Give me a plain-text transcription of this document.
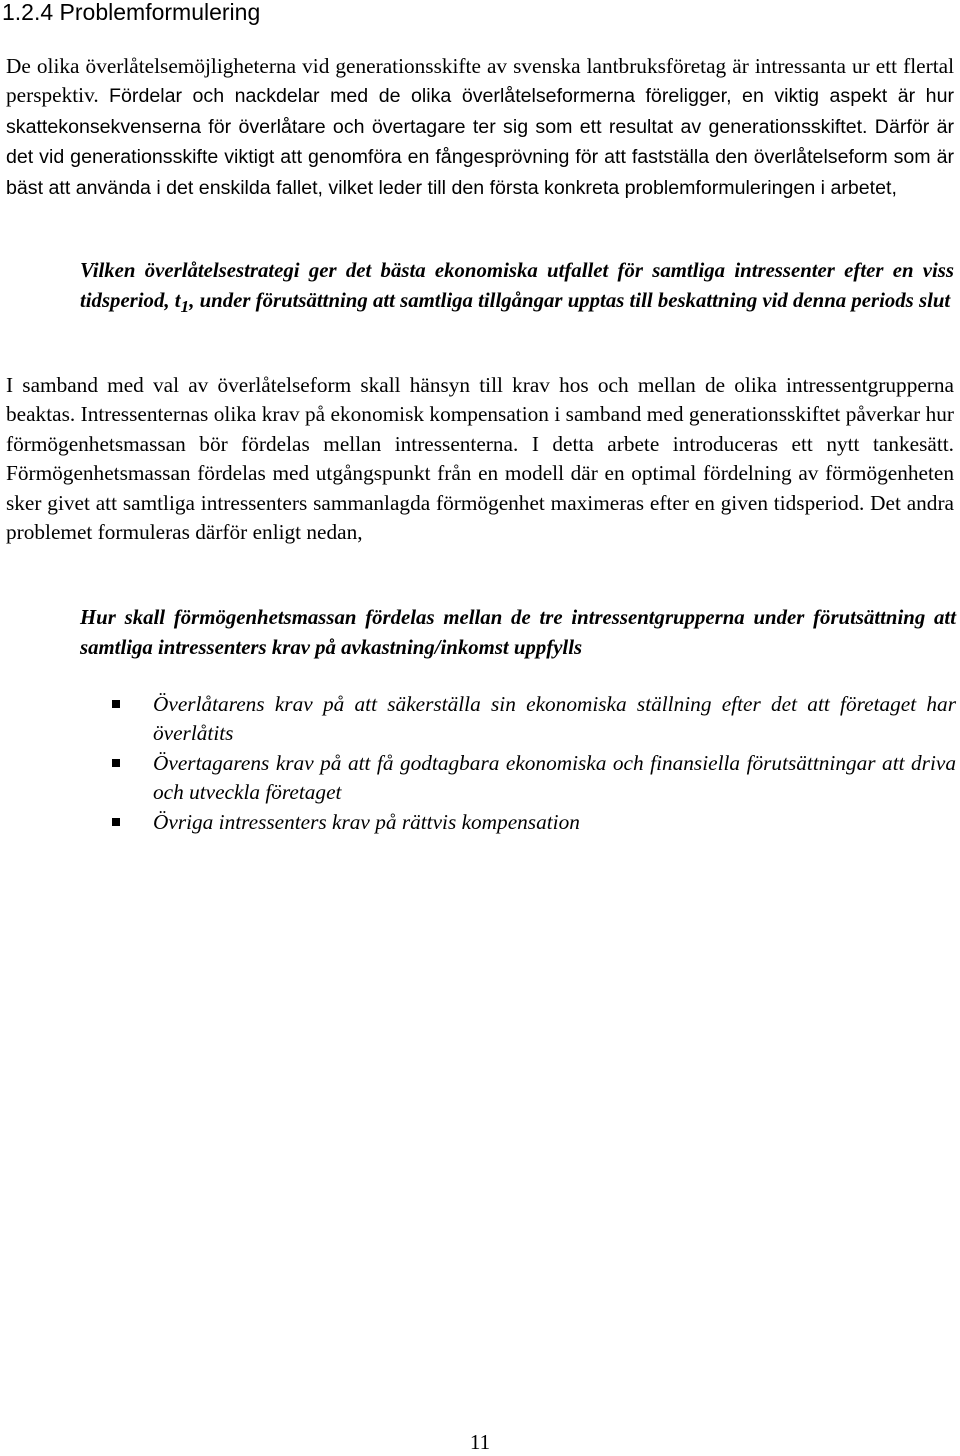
1.2.4 Problemformulering

De olika överlåtelsemöjligheterna vid generationsskifte av svenska lantbruksföretag är intressanta ur ett flertal perspektiv. Fördelar och nackdelar med de olika överlåtelseformerna föreligger, en viktig aspekt är hur skattekonsekvenserna för överlåtare och övertagare ter sig som ett resultat av generationsskiftet. Därför är det vid generationsskifte viktigt att genomföra en fångesprövning för att fastställa den överlåtelseform som är bäst att använda i det enskilda fallet, vilket leder till den första konkreta problemformuleringen i arbetet,

Vilken överlåtelsestrategi ger det bästa ekonomiska utfallet för samtliga intressenter efter en viss tidsperiod, $t_1$, under förutsättning att samtliga tillgångar upptas till beskattning vid denna periods slut

I samband med val av överlåtelseform skall hänsyn till krav hos och mellan de olika intressentgrupperna beaktas. Intressenternas olika krav på ekonomisk kompensation i samband med generationsskiftet påverkar hur förmögenhetsmassan bör fördelas mellan intressenterna. I detta arbete introduceras ett nytt tankesätt. Förmögenhetsmassan fördelas med utgångspunkt från en modell där en optimal fördelning av förmögenheten sker givet att samtliga intressenters sammanlagda förmögenhet maximeras efter en given tidsperiod. Det andra problemet formuleras därför enligt nedan,

Hur skall förmögenhetsmassan fördelas mellan de tre intressentgrupperna under förutsättning att samtliga intressenters krav på avkastning/inkomst uppfylls

Överlåtarens krav på att säkerställa sin ekonomiska ställning efter det att företaget har överlåtits
Övertagarens krav på att få godtagbara ekonomiska och finansiella förutsättningar att driva och utveckla företaget
Övriga intressenters krav på rättvis kompensation
11
